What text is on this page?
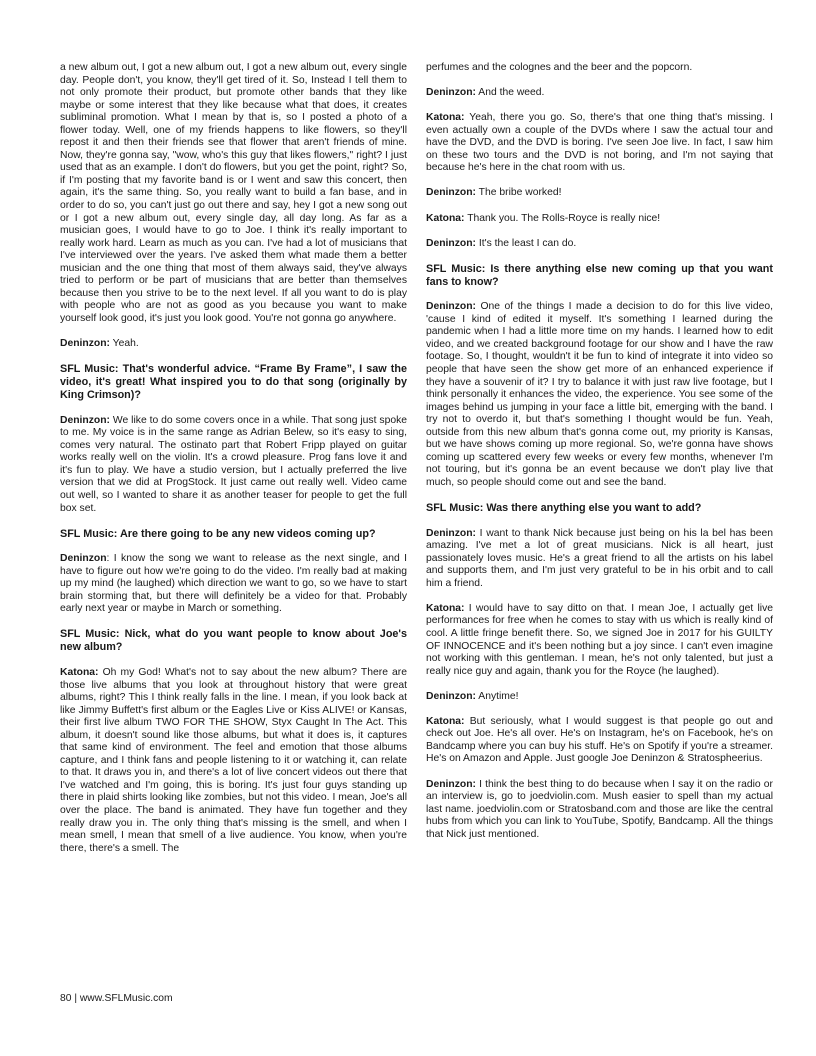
a new album out, I got a new album out, I got a new album out, every single day. People don't, you know, they'll get tired of it. So, Instead I tell them to not only promote their product, but promote other bands that they like maybe or some interest that they like because what that does, it creates subliminal promotion. What I mean by that is, so I posted a photo of a flower today. Well, one of my friends happens to like flowers, so they'll repost it and then their friends see that flower that aren't friends of mine. Now, they're gonna say, "wow, who's this guy that likes flowers," right? I just used that as an example. I don't do flowers, but you get the point, right? So, if I'm posting that my favorite band is or I went and saw this concert, then again, it's the same thing. So, you really want to build a fan base, and in order to do so, you can't just go out there and say, hey I got a new song out or I got a new album out, every single day, all day long. As far as a musician goes, I would have to go to Joe. I think it's really important to really work hard. Learn as much as you can. I've had a lot of musicians that I've interviewed over the years. I've asked them what made them a better musician and the one thing that most of them always said, they've always tried to perform or be part of musicians that are better than themselves because then you strive to be to the next level. If all you want to do is play with people who are not as good as you because you want to make yourself look good, it's just you look good. You're not gonna go anywhere.

Deninzon: Yeah.

SFL Music: That's wonderful advice. “Frame By Frame”, I saw the video, it's great! What inspired you to do that song (originally by King Crimson)?

Deninzon: We like to do some covers once in a while. That song just spoke to me. My voice is in the same range as Adrian Belew, so it's easy to sing, comes very natural. The ostinato part that Robert Fripp played on guitar works really well on the violin. It's a crowd pleasure. Prog fans love it and it's fun to play. We have a studio version, but I actually preferred the live version that we did at ProgStock. It just came out really well. Video came out well, so I wanted to share it as another teaser for people to get the full box set.

SFL Music: Are there going to be any new videos coming up?

Deninzon: I know the song we want to release as the next single, and I have to figure out how we're going to do the video. I'm really bad at making up my mind (he laughed) which direction we want to go, so we have to start brain storming that, but there will definitely be a video for that. Probably early next year or maybe in March or something.

SFL Music: Nick, what do you want people to know about Joe's new album?

Katona: Oh my God! What's not to say about the new album? There are those live albums that you look at throughout history that were great albums, right? This I think really falls in the line. I mean, if you look back at like Jimmy Buffett's first album or the Eagles Live or Kiss ALIVE! or Kansas, their first live album TWO FOR THE SHOW, Styx Caught In The Act. This album, it doesn't sound like those albums, but what it does is, it captures that same kind of environment. The feel and emotion that those albums capture, and I think fans and people listening to it or watching it, can relate to that. It draws you in, and there's a lot of live concert videos out there that I've watched and I'm going, this is boring. It's just four guys standing up there in plaid shirts looking like zombies, but not this video. I mean, Joe's all over the place. The band is animated. They have fun together and they really draw you in. The only thing that's missing is the smell, and when I mean smell, I mean that smell of a live audience. You know, when you're there, there's a smell. The

perfumes and the colognes and the beer and the popcorn.

Deninzon: And the weed.

Katona: Yeah, there you go. So, there's that one thing that's missing. I even actually own a couple of the DVDs where I saw the actual tour and have the DVD, and the DVD is boring. I've seen Joe live. In fact, I saw him on these two tours and the DVD is not boring, and I'm not saying that because he's here in the chat room with us.

Deninzon: The bribe worked!

Katona: Thank you. The Rolls-Royce is really nice!

Deninzon: It's the least I can do.

SFL Music: Is there anything else new coming up that you want fans to know?

Deninzon: One of the things I made a decision to do for this live video, 'cause I kind of edited it myself. It's something I learned during the pandemic when I had a little more time on my hands. I learned how to edit video, and we created background footage for our show and I have the raw footage. So, I thought, wouldn't it be fun to kind of integrate it into video so people that have seen the show get more of an enhanced experience if they have a souvenir of it? I try to balance it with just raw live footage, but I think personally it enhances the video, the experience. You see some of the images behind us jumping in your face a little bit, emerging with the band. I try not to overdo it, but that's something I thought would be fun. Yeah, outside from this new album that's gonna come out, my priority is Kansas, but we have shows coming up more regional. So, we're gonna have shows coming up scattered every few weeks or every few months, whenever I'm not touring, but it's gonna be an event because we don't play live that much, so people should come out and see the band.

SFL Music: Was there anything else you want to add?

Deninzon: I want to thank Nick because just being on his la bel has been amazing. I've met a lot of great musicians. Nick is all heart, just passionately loves music. He's a great friend to all the artists on his label and supports them, and I'm just very grateful to be in his orbit and to call him a friend.

Katona: I would have to say ditto on that. I mean Joe, I actually get live performances for free when he comes to stay with us which is really kind of cool. A little fringe benefit there. So, we signed Joe in 2017 for his GUILTY OF INNOCENCE and it's been nothing but a joy since. I can't even imagine not working with this gentleman. I mean, he's not only talented, but just a really nice guy and again, thank you for the Royce (he laughed).

Deninzon: Anytime!

Katona: But seriously, what I would suggest is that people go out and check out Joe. He's all over. He's on Instagram, he's on Facebook, he's on Bandcamp where you can buy his stuff. He's on Spotify if you're a streamer. He's on Amazon and Apple. Just google Joe Deninzon & Stratospheerius.

Deninzon: I think the best thing to do because when I say it on the radio or an interview is, go to joedviolin.com. Mush easier to spell than my actual last name. joedviolin.com or Stratosband.com and those are like the central hubs from which you can link to YouTube, Spotify, Bandcamp. All the things that Nick just mentioned.

80 | www.SFLMusic.com
